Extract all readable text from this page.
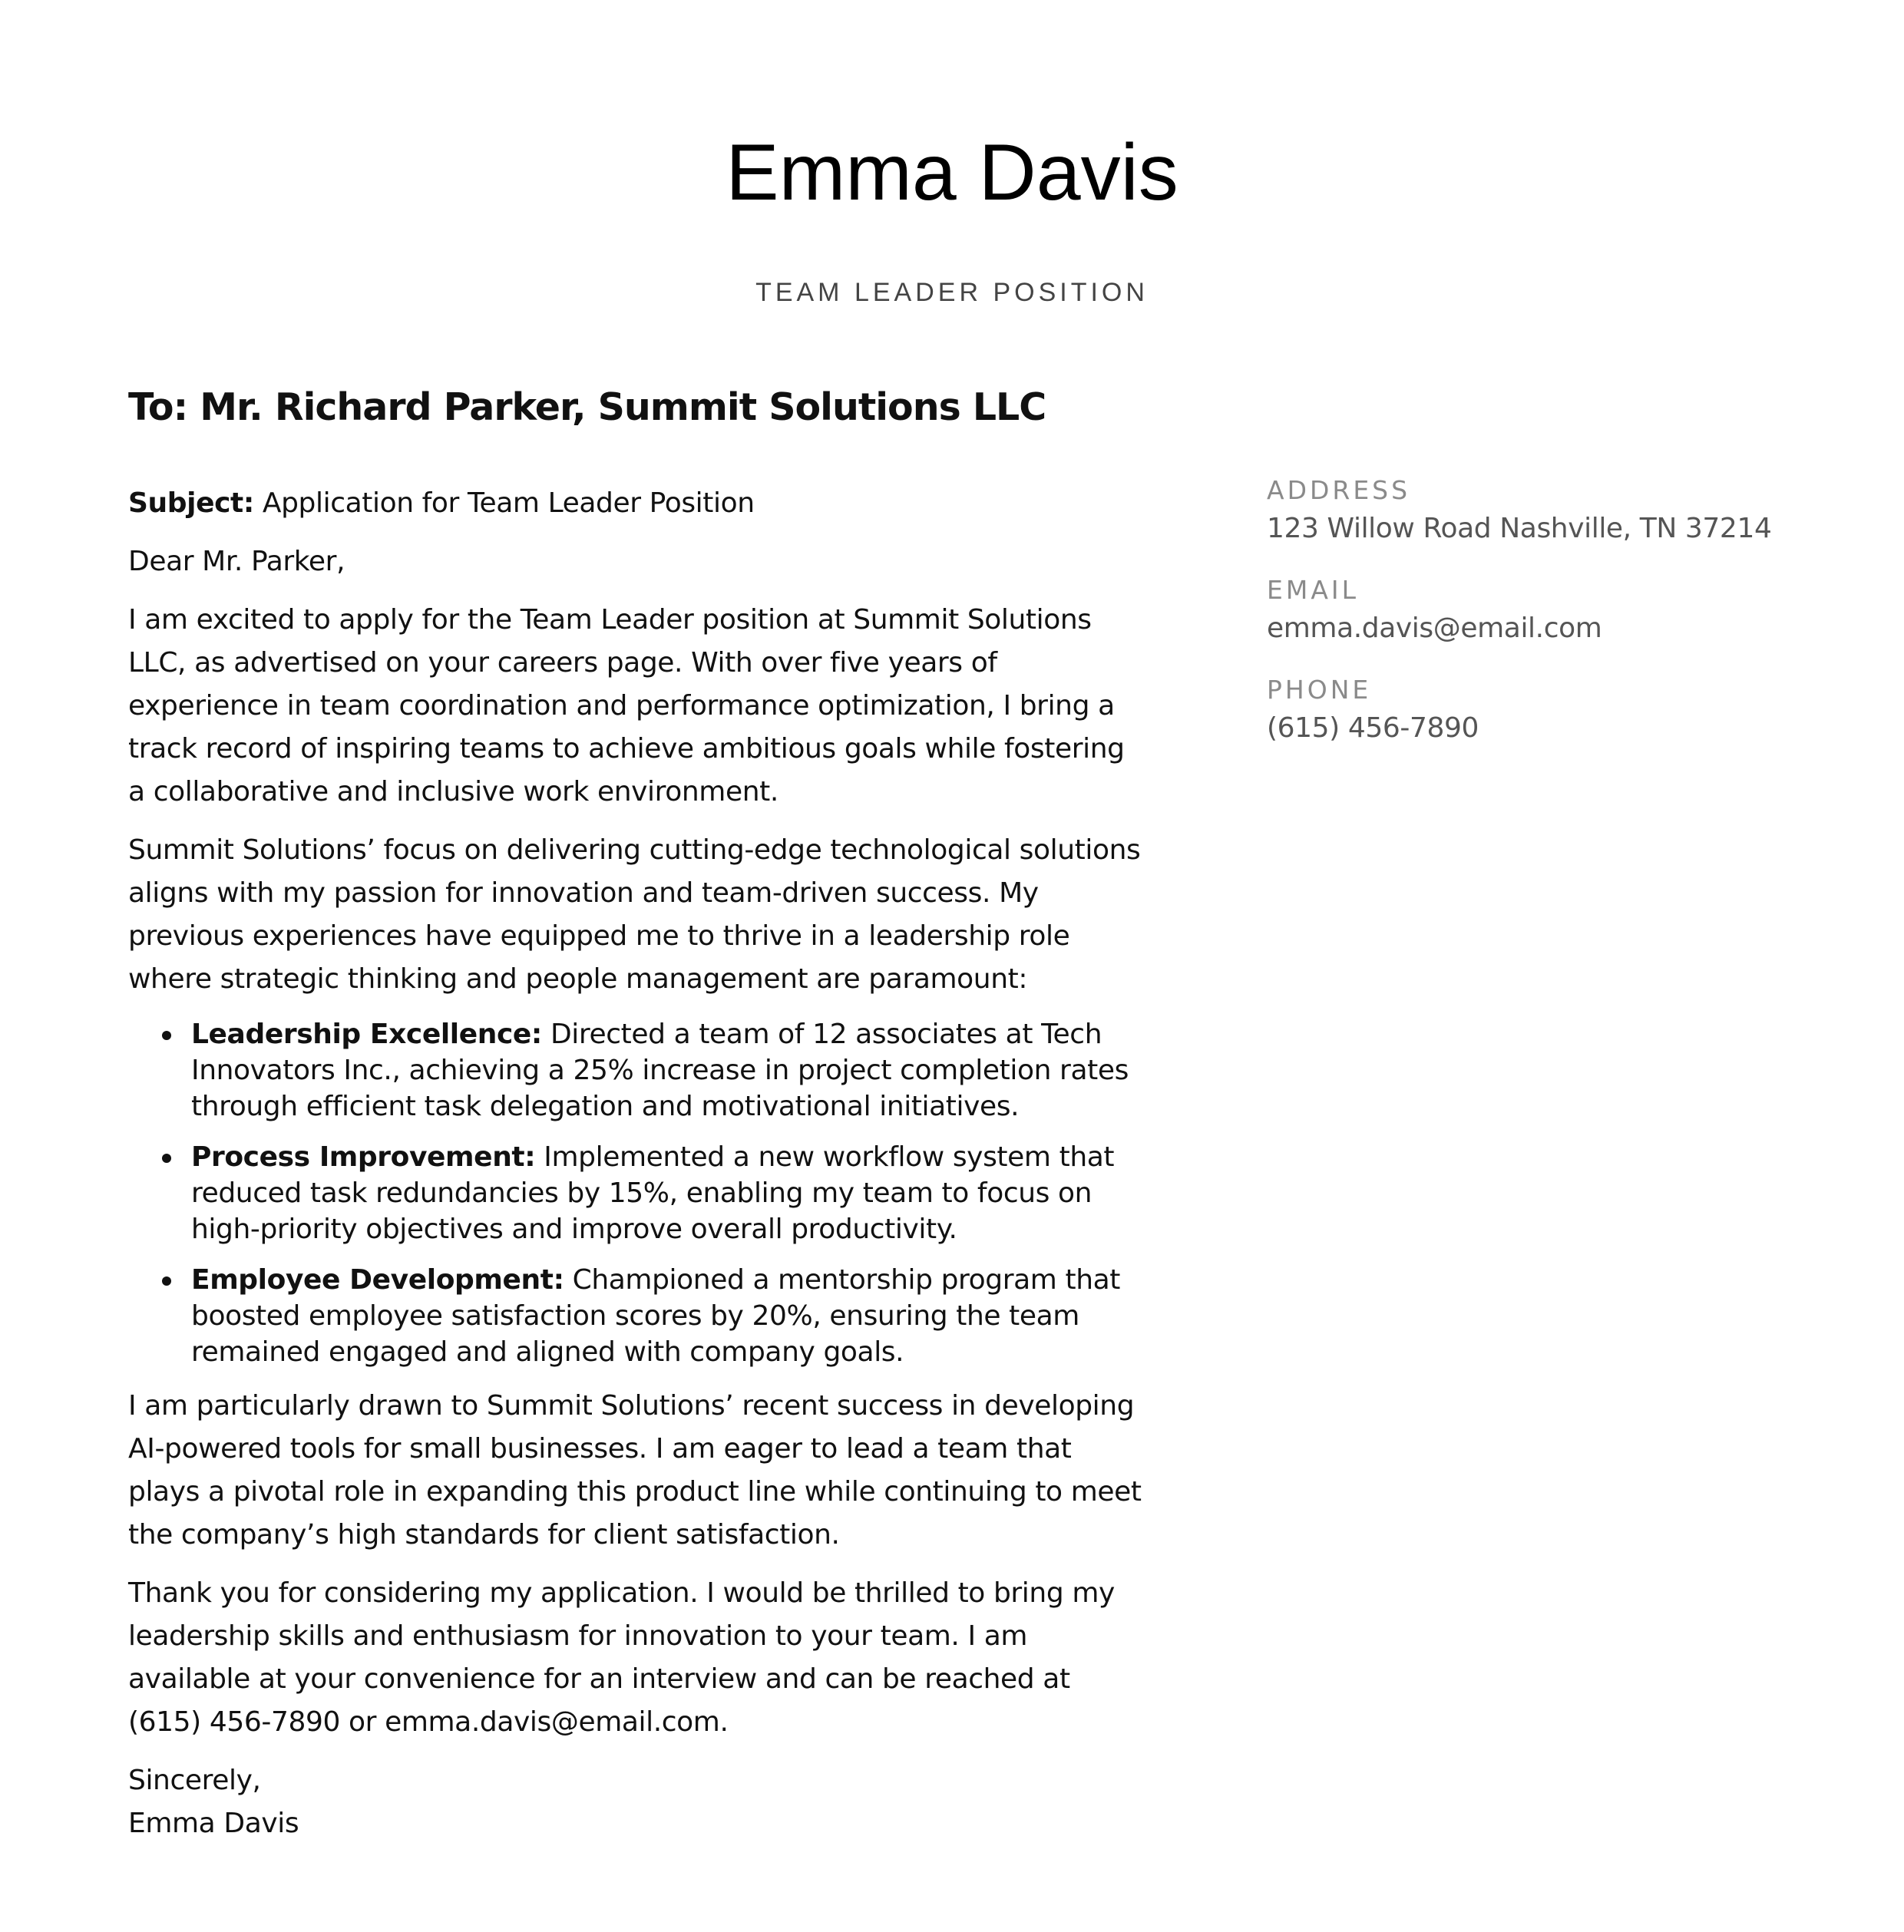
Emma Davis
TEAM LEADER POSITION
To: Mr. Richard Parker, Summit Solutions LLC

Subject: Application for Team Leader Position

Dear Mr. Parker,

I am excited to apply for the Team Leader position at Summit Solutions LLC, as advertised on your careers page. With over five years of experience in team coordination and performance optimization, I bring a track record of inspiring teams to achieve ambitious goals while fostering a collaborative and inclusive work environment.

Summit Solutions’ focus on delivering cutting-edge technological solutions aligns with my passion for innovation and team-driven success. My previous experiences have equipped me to thrive in a leadership role where strategic thinking and people management are paramount:

Leadership Excellence: Directed a team of 12 associates at Tech Innovators Inc., achieving a 25% increase in project completion rates through efficient task delegation and motivational initiatives.
Process Improvement: Implemented a new workflow system that reduced task redundancies by 15%, enabling my team to focus on high-priority objectives and improve overall productivity.
Employee Development: Championed a mentorship program that boosted employee satisfaction scores by 20%, ensuring the team remained engaged and aligned with company goals.

I am particularly drawn to Summit Solutions’ recent success in developing AI-powered tools for small businesses. I am eager to lead a team that plays a pivotal role in expanding this product line while continuing to meet the company’s high standards for client satisfaction.

Thank you for considering my application. I would be thrilled to bring my leadership skills and enthusiasm for innovation to your team. I am available at your convenience for an interview and can be reached at (615) 456-7890 or emma.davis@email.com.

Sincerely,
Emma Davis
ADDRESS
123 Willow Road Nashville, TN 37214
EMAIL
emma.davis@email.com
PHONE
(615) 456-7890
